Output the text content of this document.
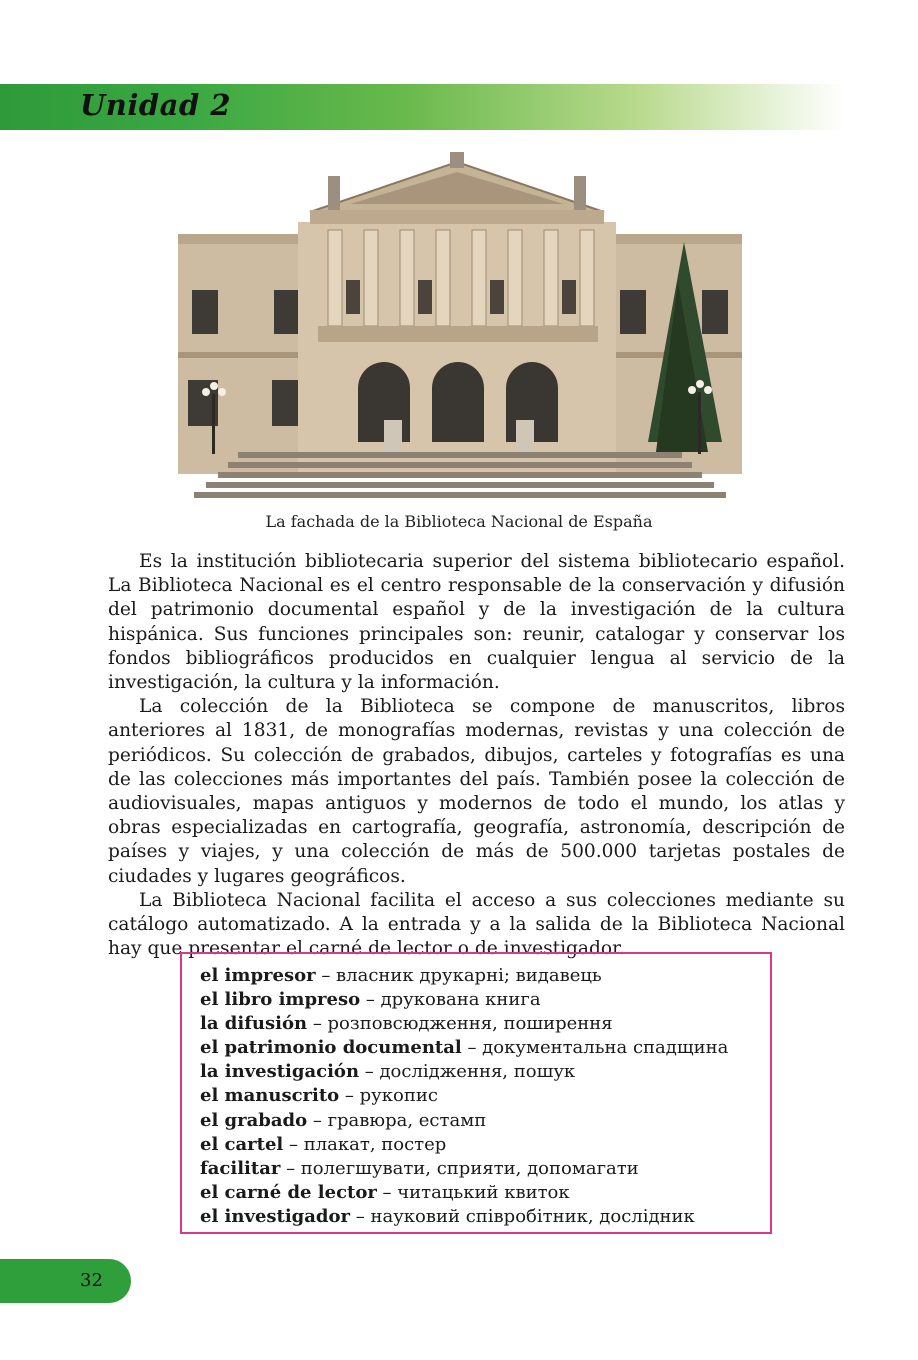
Unidad 2
La fachada de la Biblioteca Nacional de España

Es la institución bibliotecaria superior del sistema bibliotecario español. La Biblioteca Nacional es el centro responsable de la conservación y difusión del patrimonio documental español y de la investigación de la cultura hispánica. Sus funciones principales son: reunir, catalogar y conservar los fondos bibliográficos producidos en cualquier lengua al servicio de la investigación, la cultura y la información.

La colección de la Biblioteca se compone de manuscritos, libros anteriores al 1831, de monografías modernas, revistas y una colección de periódicos. Su colección de grabados, dibujos, carteles y fotografías es una de las colecciones más importantes del país. También posee la colección de audiovisuales, mapas antiguos y modernos de todo el mundo, los atlas y obras especializadas en cartografía, geografía, astronomía, descripción de países y viajes, y una colección de más de 500.000 tarjetas postales de ciudades y lugares geográficos.

La Biblioteca Nacional facilita el acceso a sus colecciones mediante su catálogo automatizado. A la entrada y a la salida de la Biblioteca Nacional hay que presentar el carné de lector o de investigador.

el impresor – власник друкарні; видавець
el libro impreso – друкована книга
la difusión – розповсюдження, поширення
el patrimonio documental – документальна спадщина
la investigación – дослідження, пошук
el manuscrito – рукопис
el grabado – гравюра, естамп
el cartel – плакат, постер
facilitar – полегшувати, сприяти, допомагати
el carné de lector – читацький квиток
el investigador – науковий співробітник, дослідник
32
